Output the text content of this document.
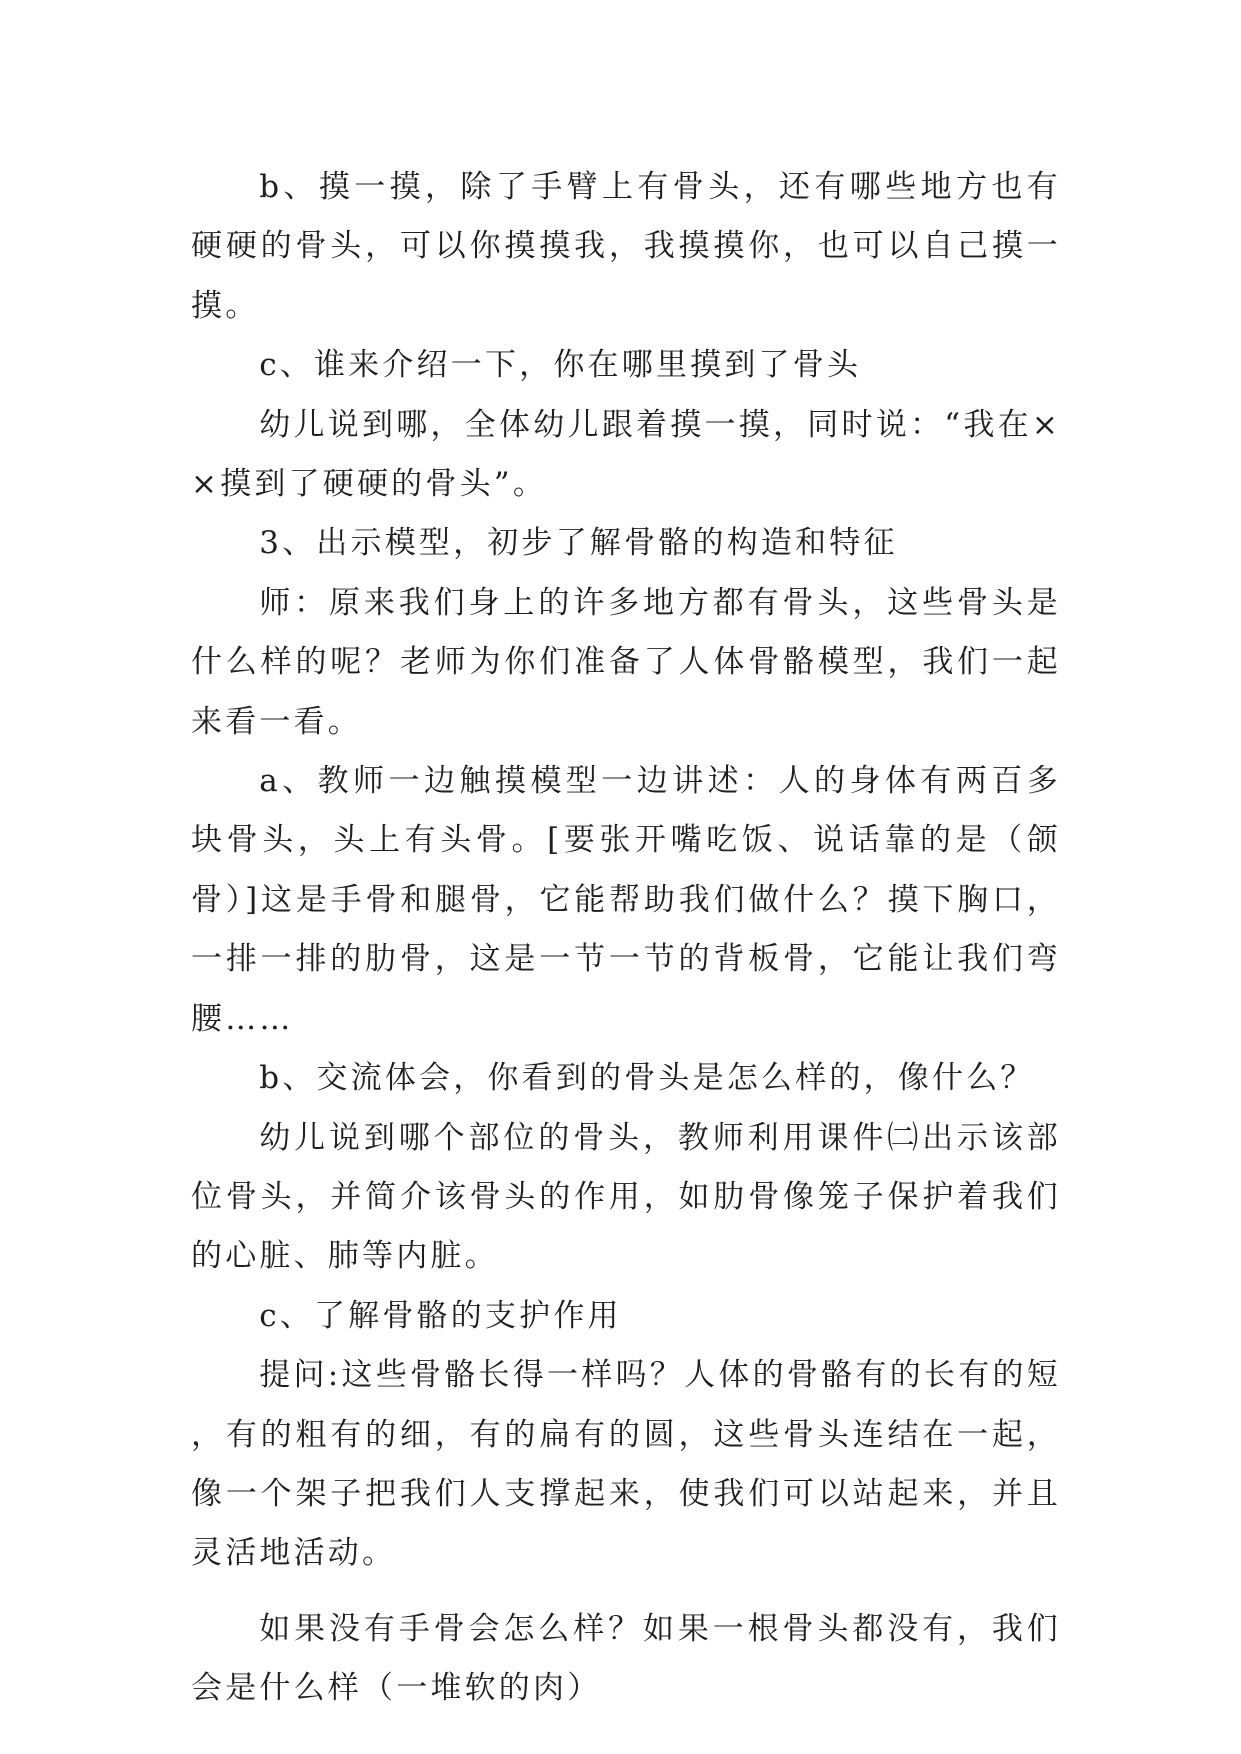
b、摸一摸，除了手臂上有骨头，还有哪些地方也有硬硬的骨头，可以你摸摸我，我摸摸你，也可以自己摸一摸。

c、谁来介绍一下，你在哪里摸到了骨头

幼儿说到哪，全体幼儿跟着摸一摸，同时说：“我在××摸到了硬硬的骨头”。

3、出示模型，初步了解骨骼的构造和特征

师：原来我们身上的许多地方都有骨头，这些骨头是什么样的呢？老师为你们准备了人体骨骼模型，我们一起来看一看。

a、教师一边触摸模型一边讲述：人的身体有两百多块骨头，头上有头骨。[要张开嘴吃饭、说话靠的是（颌骨）]这是手骨和腿骨，它能帮助我们做什么？摸下胸口，一排一排的肋骨，这是一节一节的背板骨，它能让我们弯腰……

b、交流体会，你看到的骨头是怎么样的，像什么？

幼儿说到哪个部位的骨头，教师利用课件㈡出示该部位骨头，并简介该骨头的作用，如肋骨像笼子保护着我们的心脏、肺等内脏。

c、了解骨骼的支护作用

提问:这些骨骼长得一样吗？人体的骨骼有的长有的短，有的粗有的细，有的扁有的圆，这些骨头连结在一起，像一个架子把我们人支撑起来，使我们可以站起来，并且灵活地活动。

如果没有手骨会怎么样？如果一根骨头都没有，我们会是什么样（一堆软的肉）
